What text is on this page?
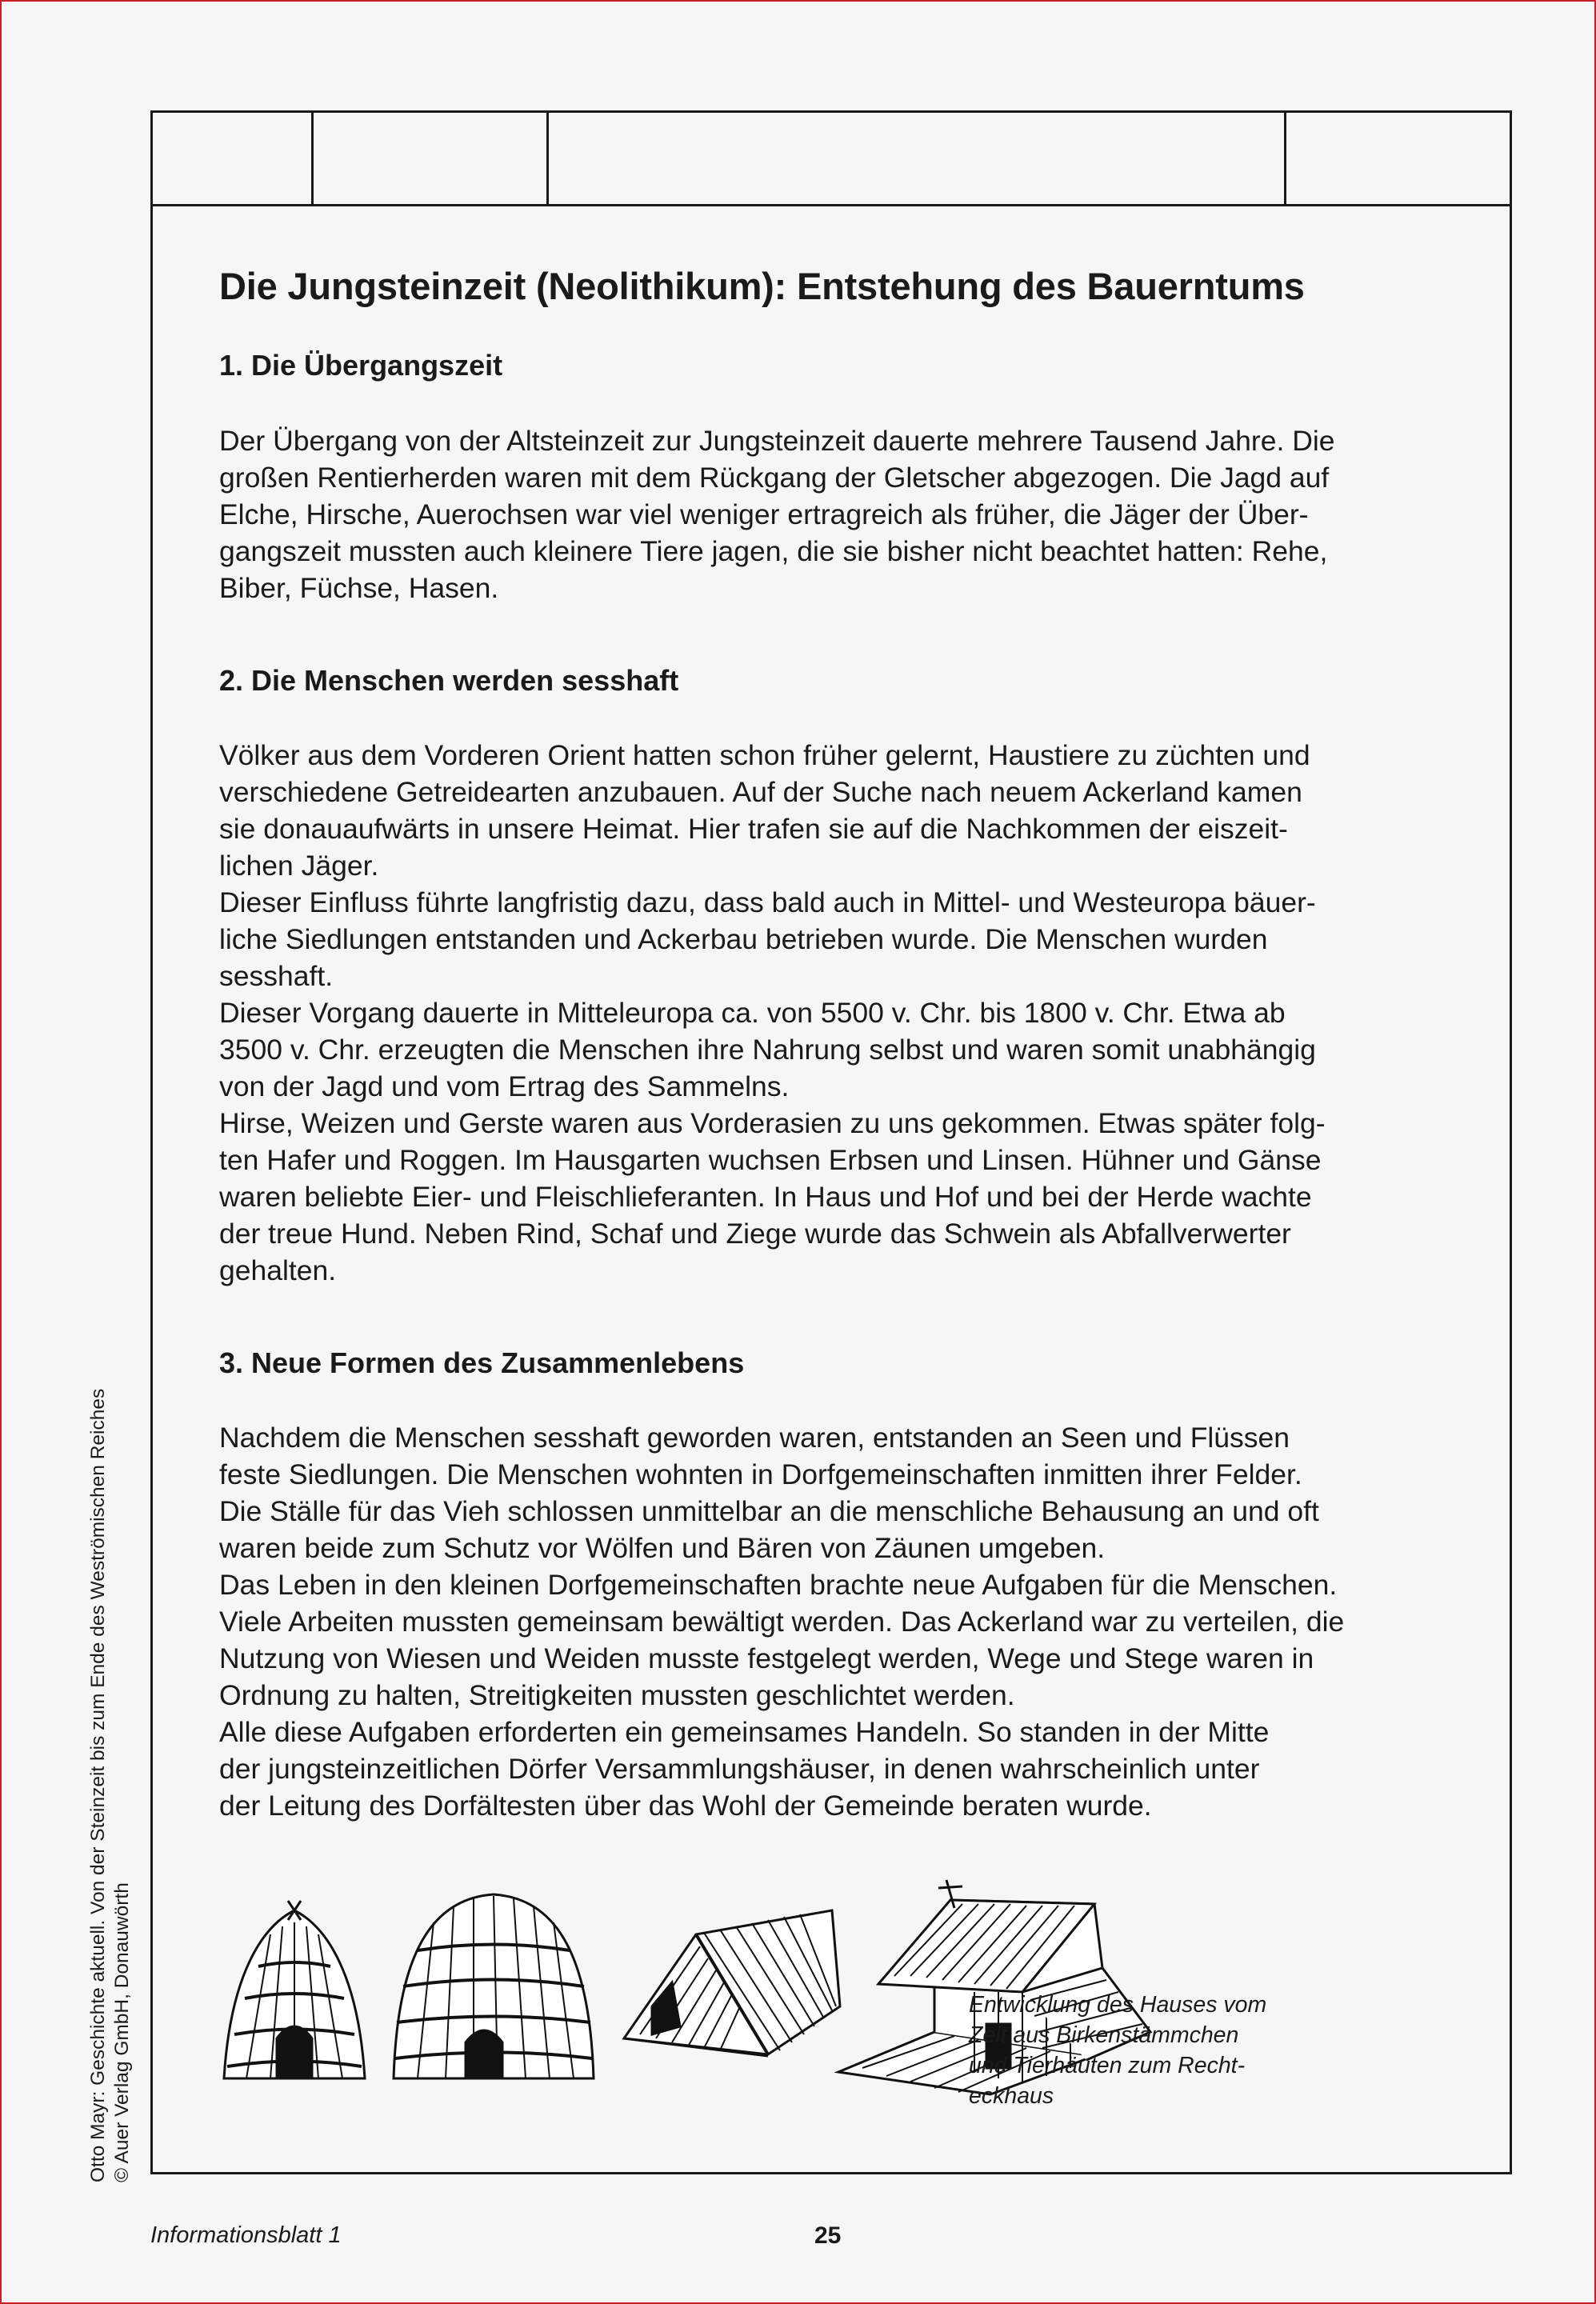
Die Jungsteinzeit (Neolithikum): Entstehung des Bauerntums
1. Die Übergangszeit
Der Übergang von der Altsteinzeit zur Jungsteinzeit dauerte mehrere Tausend Jahre. Die
großen Rentierherden waren mit dem Rückgang der Gletscher abgezogen. Die Jagd auf
Elche, Hirsche, Auerochsen war viel weniger ertragreich als früher, die Jäger der Über-
gangszeit mussten auch kleinere Tiere jagen, die sie bisher nicht beachtet hatten: Rehe,
Biber, Füchse, Hasen.
2. Die Menschen werden sesshaft
Völker aus dem Vorderen Orient hatten schon früher gelernt, Haustiere zu züchten und
verschiedene Getreidearten anzubauen. Auf der Suche nach neuem Ackerland kamen
sie donauaufwärts in unsere Heimat. Hier trafen sie auf die Nachkommen der eiszeit-
lichen Jäger.
Dieser Einfluss führte langfristig dazu, dass bald auch in Mittel- und Westeuropa bäuer-
liche Siedlungen entstanden und Ackerbau betrieben wurde. Die Menschen wurden
sesshaft.
Dieser Vorgang dauerte in Mitteleuropa ca. von 5500 v. Chr. bis 1800 v. Chr. Etwa ab
3500 v. Chr. erzeugten die Menschen ihre Nahrung selbst und waren somit unabhängig
von der Jagd und vom Ertrag des Sammelns.
Hirse, Weizen und Gerste waren aus Vorderasien zu uns gekommen. Etwas später folg-
ten Hafer und Roggen. Im Hausgarten wuchsen Erbsen und Linsen. Hühner und Gänse
waren beliebte Eier- und Fleischlieferanten. In Haus und Hof und bei der Herde wachte
der treue Hund. Neben Rind, Schaf und Ziege wurde das Schwein als Abfallverwerter
gehalten.
3. Neue Formen des Zusammenlebens
Nachdem die Menschen sesshaft geworden waren, entstanden an Seen und Flüssen
feste Siedlungen. Die Menschen wohnten in Dorfgemeinschaften inmitten ihrer Felder.
Die Ställe für das Vieh schlossen unmittelbar an die menschliche Behausung an und oft
waren beide zum Schutz vor Wölfen und Bären von Zäunen umgeben.
Das Leben in den kleinen Dorfgemeinschaften brachte neue Aufgaben für die Menschen.
Viele Arbeiten mussten gemeinsam bewältigt werden. Das Ackerland war zu verteilen, die
Nutzung von Wiesen und Weiden musste festgelegt werden, Wege und Stege waren in
Ordnung zu halten, Streitigkeiten mussten geschlichtet werden.
Alle diese Aufgaben erforderten ein gemeinsames Handeln. So standen in der Mitte
der jungsteinzeitlichen Dörfer Versammlungshäuser, in denen wahrscheinlich unter
der Leitung des Dorfältesten über das Wohl der Gemeinde beraten wurde.
Entwicklung des Hauses vom
Zelt aus Birkenstämmchen
und Tierhäuten zum Recht-
eckhaus
Otto Mayr: Geschichte aktuell. Von der Steinzeit bis zum Ende des Weströmischen Reiches © Auer Verlag GmbH, Donauwörth
Informationsblatt 1	25
